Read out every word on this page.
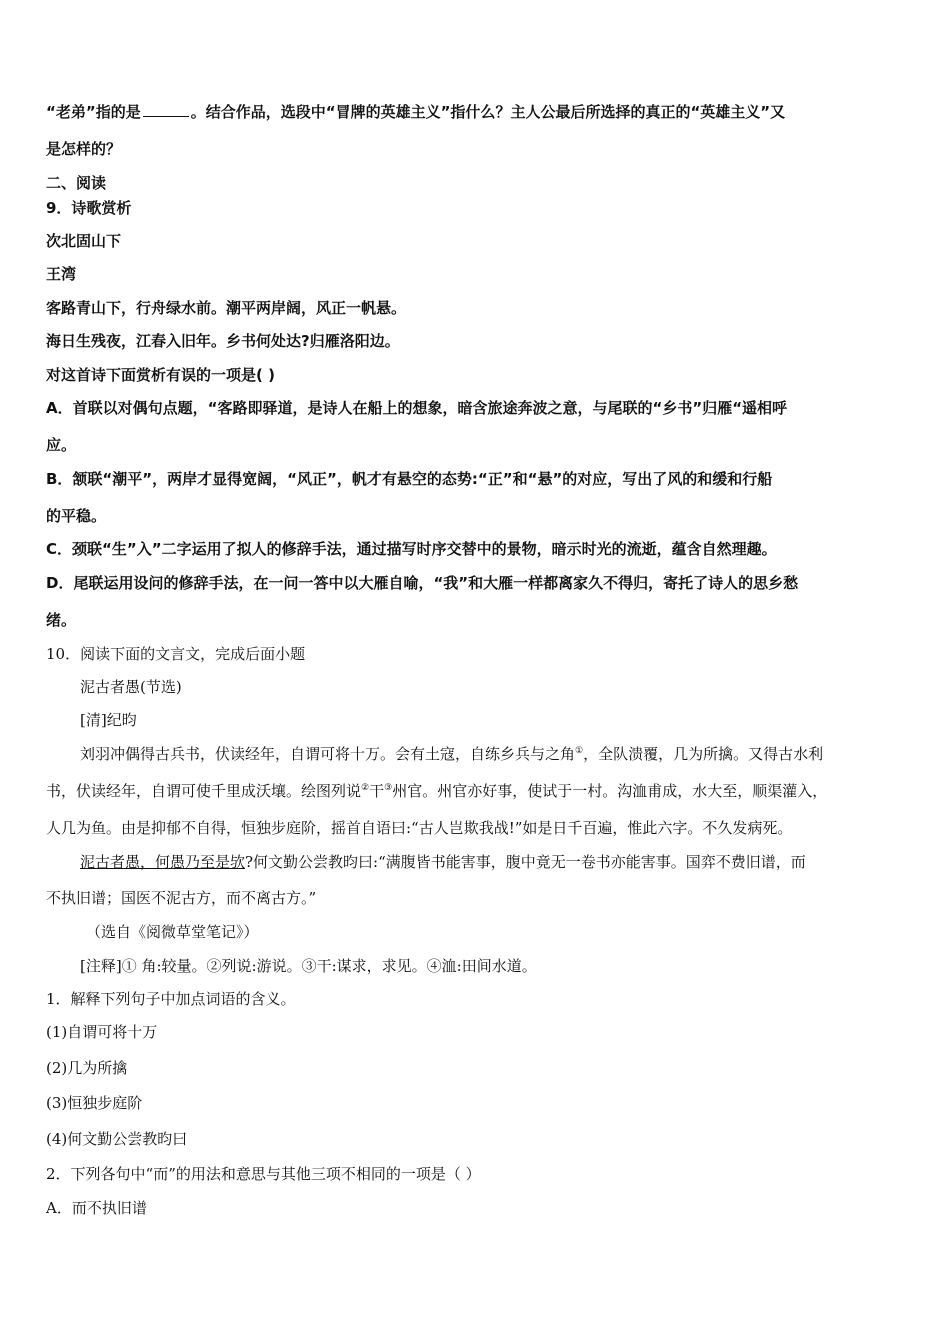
“老弟”指的是	。结合作品，选段中“冒牌的英雄主义”指什么？主人公最后所选择的真正的“英雄主义”又
是怎样的？
二、阅读
9．诗歌赏析
次北固山下
王湾
客路青山下，行舟绿水前。潮平两岸阔，风正一帆悬。
海日生残夜，江春入旧年。乡书何处达?归雁洛阳边。
对这首诗下面赏析有误的一项是( )
A．首联以对偶句点题，“客路即驿道，是诗人在船上的想象，暗含旅途奔波之意，与尾联的“乡书”归雁“遥相呼
应。
B．颔联“潮平”，两岸才显得宽阔，“风正”，帆才有悬空的态势:“正”和“悬”的对应，写出了风的和缓和行船
的平稳。
C．颈联“生”入”二字运用了拟人的修辞手法，通过描写时序交替中的景物，暗示时光的流逝，蕴含自然理趣。
D．尾联运用设问的修辞手法，在一问一答中以大雁自喻，“我”和大雁一样都离家久不得归，寄托了诗人的思乡愁
绪。
10．阅读下面的文言文，完成后面小题
泥古者愚(节选)
[清]纪昀
刘羽冲偶得古兵书，伏读经年，自谓可将十万。会有土寇，自练乡兵与之角①，全队溃覆，几为所擒。又得古水利
书，伏读经年，自谓可使千里成沃壤。绘图列说②干③州官。州官亦好事，使试于一村。沟洫甫成，水大至，顺渠灌入，
人几为鱼。由是抑郁不自得，恒独步庭阶，摇首自语曰:“古人岂欺我战!”如是日千百遍，惟此六字。不久发病死。
泥古者愚，何愚乃至是欤?何文勤公尝教昀曰:“满腹皆书能害事，腹中竟无一卷书亦能害事。国弈不费旧谱，而
不执旧谱；国医不泥古方，而不离古方。”
（选自《阅微草堂笔记》）
[注释]① 角:较量。②列说:游说。③干:谋求，求见。④洫:田间水道。
1．解释下列句子中加点词语的含义。
(1)自谓可将十万
(2)几为所擒
(3)恒独步庭阶
(4)何文勤公尝教昀曰
2．下列各句中“而”的用法和意思与其他三项不相同的一项是（ ）
A．而不执旧谱
